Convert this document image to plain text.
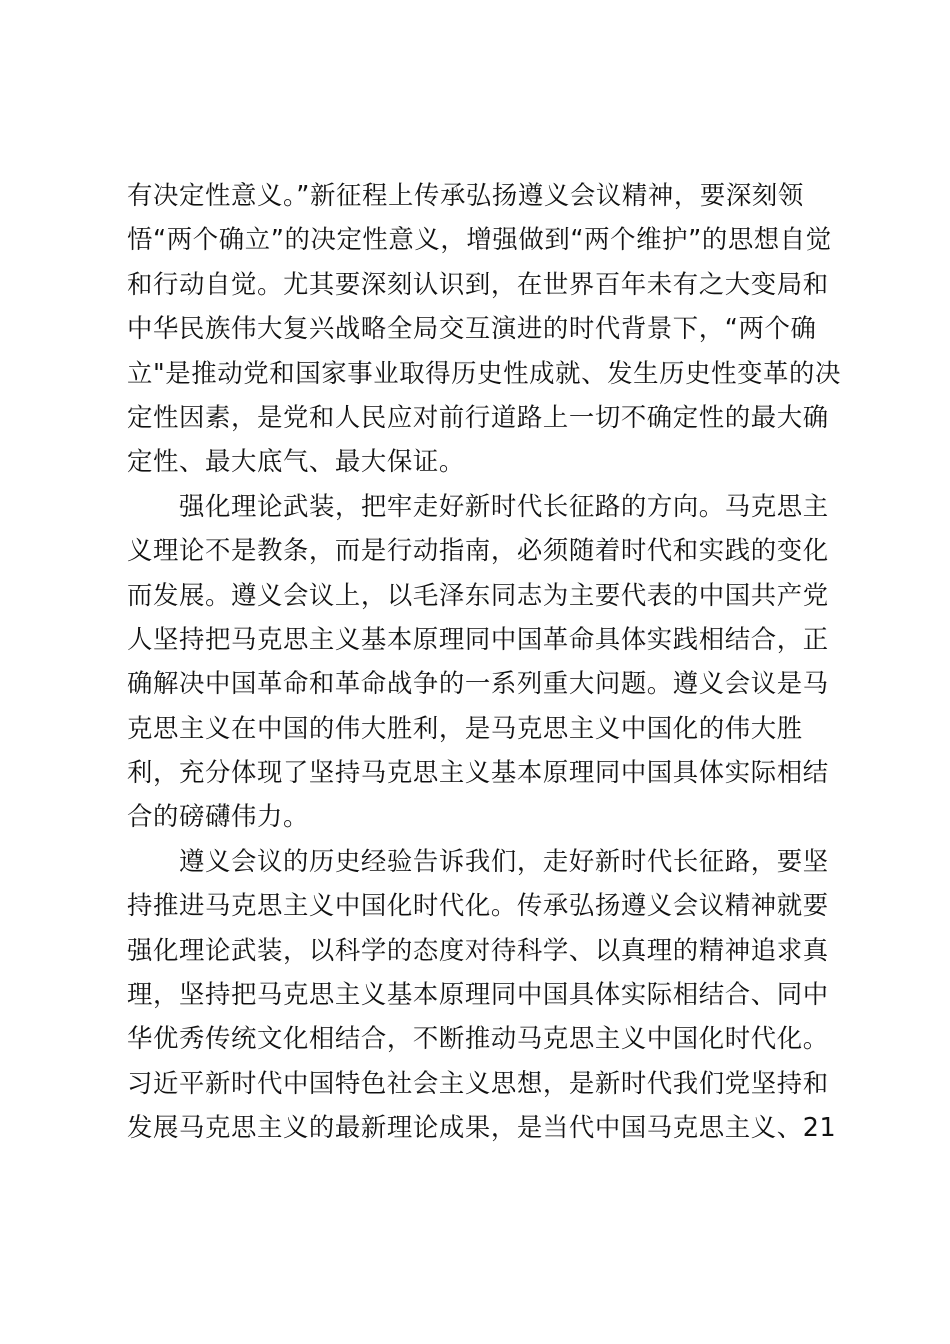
有决定性意义。”新征程上传承弘扬遵义会议精神，要深刻领
悟“两个确立”的决定性意义，增强做到“两个维护”的思想自觉
和行动自觉。尤其要深刻认识到，在世界百年未有之大变局和
中华民族伟大复兴战略全局交互演进的时代背景下，“两个确
立"是推动党和国家事业取得历史性成就、发生历史性变革的决
定性因素，是党和人民应对前行道路上一切不确定性的最大确
定性、最大底气、最大保证。
强化理论武装，把牢走好新时代长征路的方向。马克思主
义理论不是教条，而是行动指南，必须随着时代和实践的变化
而发展。遵义会议上，以毛泽东同志为主要代表的中国共产党
人坚持把马克思主义基本原理同中国革命具体实践相结合，正
确解决中国革命和革命战争的一系列重大问题。遵义会议是马
克思主义在中国的伟大胜利，是马克思主义中国化的伟大胜
利，充分体现了坚持马克思主义基本原理同中国具体实际相结
合的磅礴伟力。
遵义会议的历史经验告诉我们，走好新时代长征路，要坚
持推进马克思主义中国化时代化。传承弘扬遵义会议精神就要
强化理论武装，以科学的态度对待科学、以真理的精神追求真
理，坚持把马克思主义基本原理同中国具体实际相结合、同中
华优秀传统文化相结合，不断推动马克思主义中国化时代化。
习近平新时代中国特色社会主义思想，是新时代我们党坚持和
发展马克思主义的最新理论成果，是当代中国马克思主义、21
